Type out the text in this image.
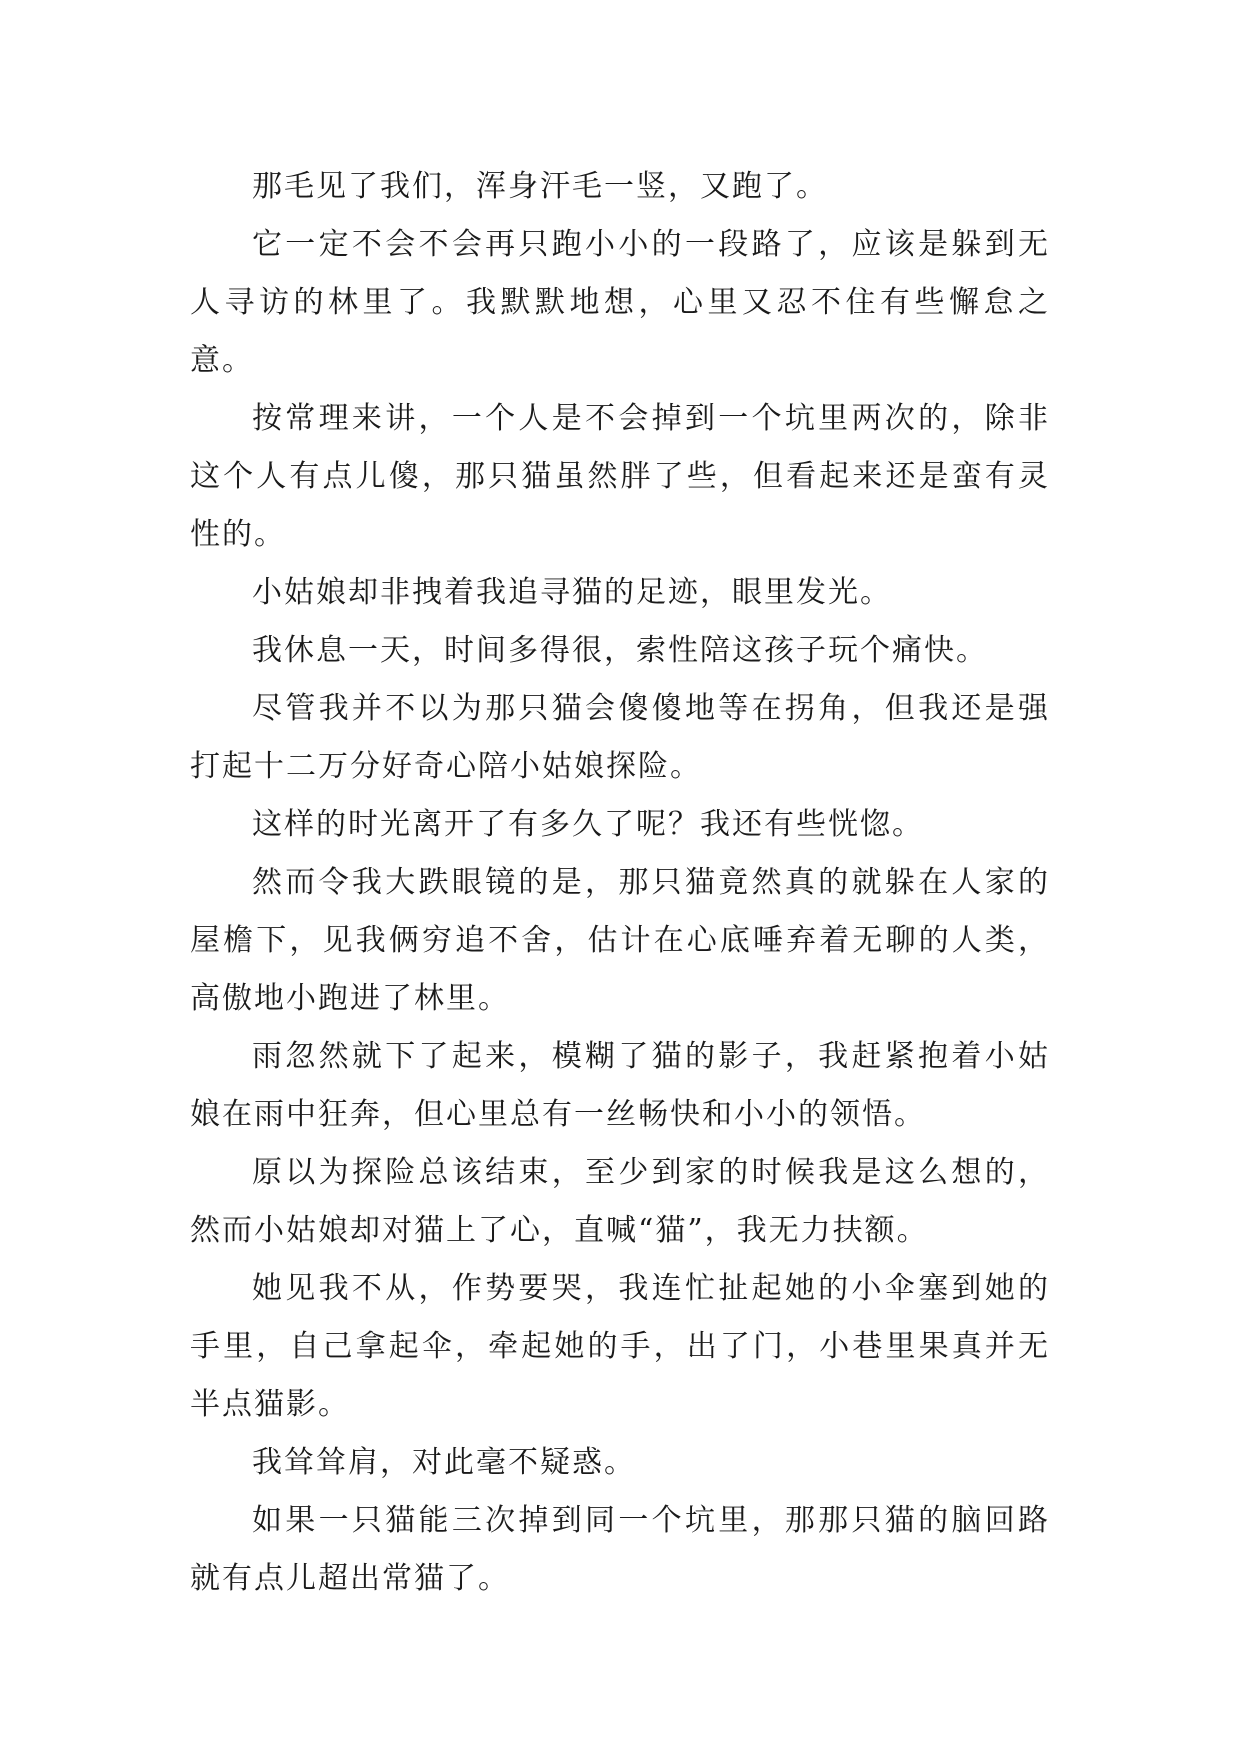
那毛见了我们，浑身汗毛一竖，又跑了。

它一定不会不会再只跑小小的一段路了，应该是躲到无人寻访的林里了。我默默地想，心里又忍不住有些懈怠之意。

按常理来讲，一个人是不会掉到一个坑里两次的，除非这个人有点儿傻，那只猫虽然胖了些，但看起来还是蛮有灵性的。

小姑娘却非拽着我追寻猫的足迹，眼里发光。

我休息一天，时间多得很，索性陪这孩子玩个痛快。

尽管我并不以为那只猫会傻傻地等在拐角，但我还是强打起十二万分好奇心陪小姑娘探险。

这样的时光离开了有多久了呢？我还有些恍惚。

然而令我大跌眼镜的是，那只猫竟然真的就躲在人家的屋檐下，见我俩穷追不舍，估计在心底唾弃着无聊的人类，高傲地小跑进了林里。

雨忽然就下了起来，模糊了猫的影子，我赶紧抱着小姑娘在雨中狂奔，但心里总有一丝畅快和小小的领悟。

原以为探险总该结束，至少到家的时候我是这么想的，然而小姑娘却对猫上了心，直喊“猫”，我无力扶额。

她见我不从，作势要哭，我连忙扯起她的小伞塞到她的手里，自己拿起伞，牵起她的手，出了门，小巷里果真并无半点猫影。

我耸耸肩，对此毫不疑惑。

如果一只猫能三次掉到同一个坑里，那那只猫的脑回路就有点儿超出常猫了。
